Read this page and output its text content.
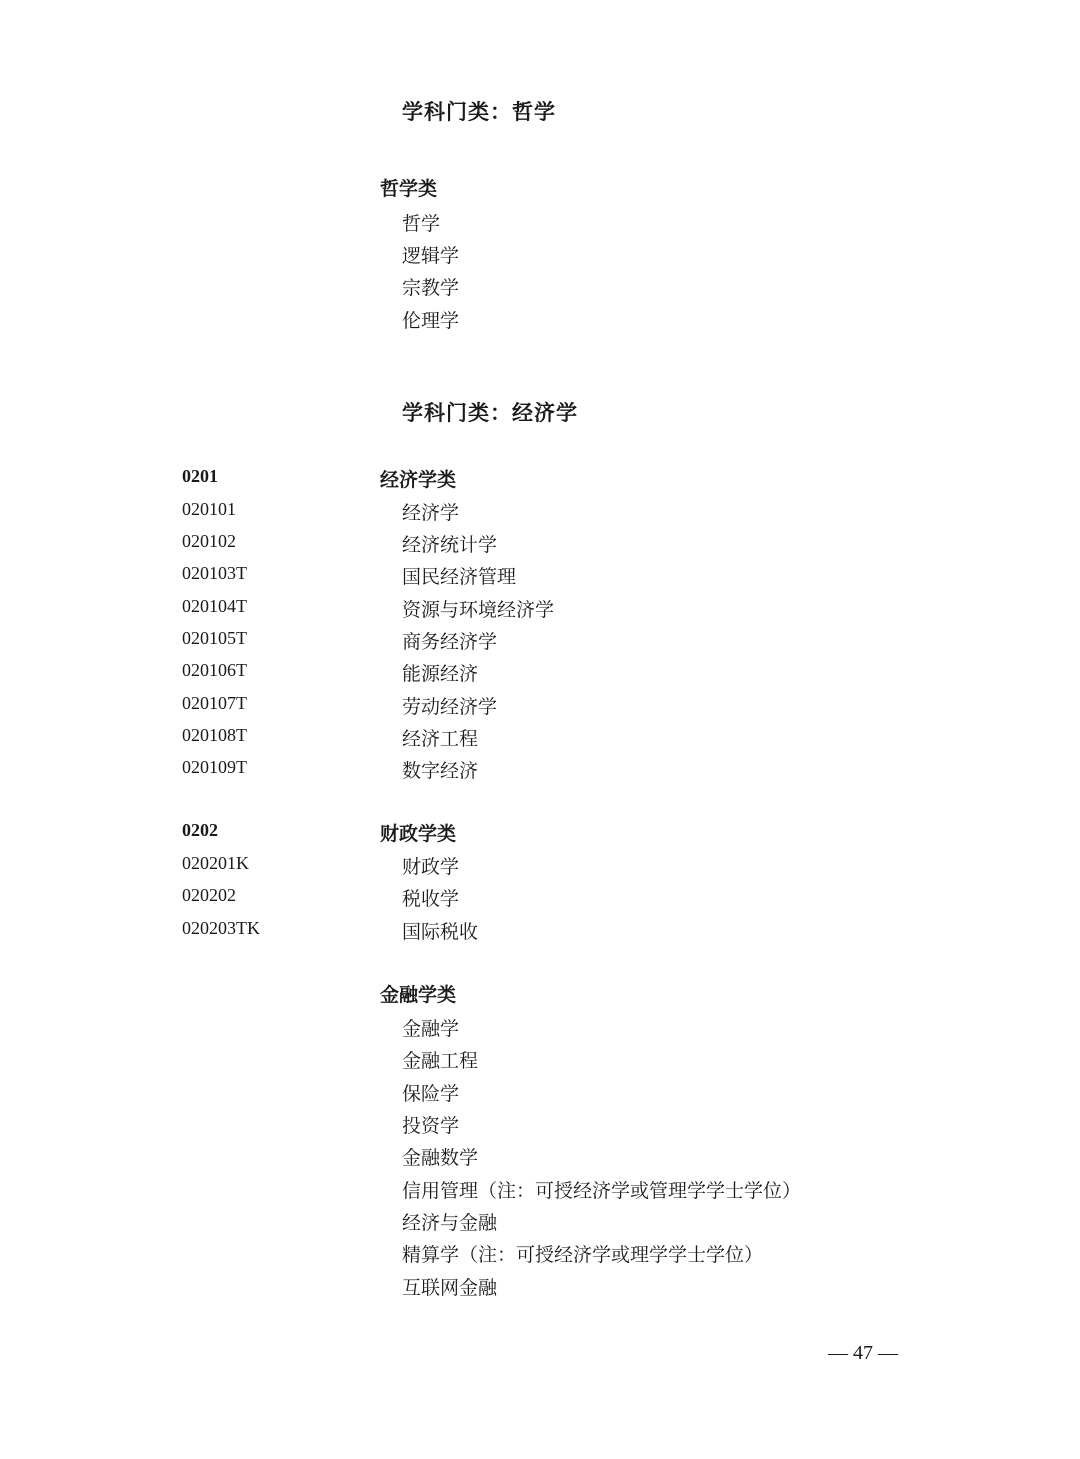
学科门类：哲学
哲学类
哲学
逻辑学
宗教学
伦理学
学科门类：经济学
0201	经济学类
020101	经济学
020102	经济统计学
020103T	国民经济管理
020104T	资源与环境经济学
020105T	商务经济学
020106T	能源经济
020107T	劳动经济学
020108T	经济工程
020109T	数字经济
0202	财政学类
020201K	财政学
020202	税收学
020203TK	国际税收
金融学类
金融学
金融工程
保险学
投资学
金融数学
信用管理（注：可授经济学或管理学学士学位）
经济与金融
精算学（注：可授经济学或理学学士学位）
互联网金融
— 47 —
